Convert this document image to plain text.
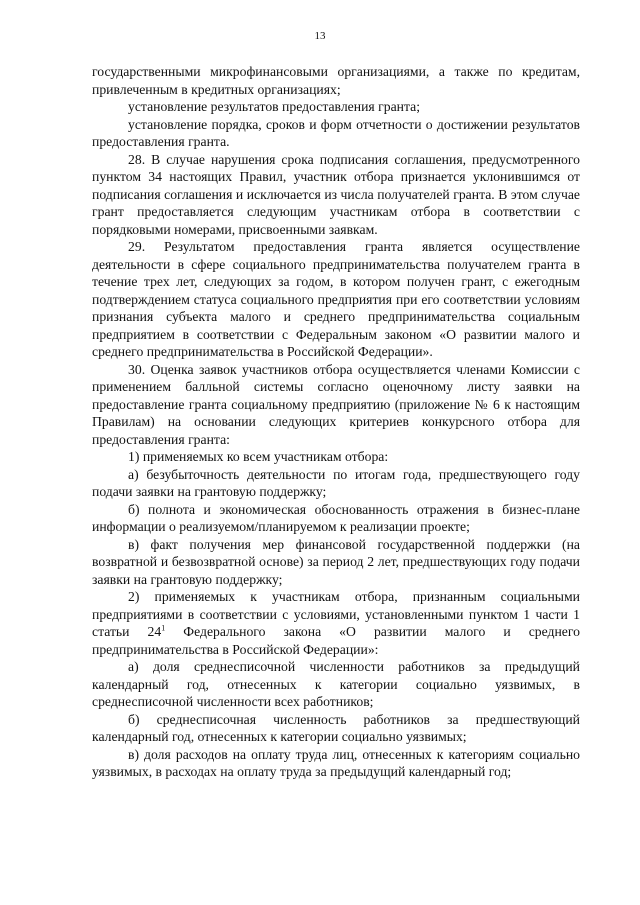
13

государственными микрофинансовыми организациями, а также по кредитам, привлеченным в кредитных организациях;

установление результатов предоставления гранта;

установление порядка, сроков и форм отчетности о достижении результатов предоставления гранта.

28. В случае нарушения срока подписания соглашения, предусмотренного пунктом 34 настоящих Правил, участник отбора признается уклонившимся от подписания соглашения и исключается из числа получателей гранта. В этом случае грант предоставляется следующим участникам отбора в соответствии с порядковыми номерами, присвоенными заявкам.

29. Результатом предоставления гранта является осуществление деятельности в сфере социального предпринимательства получателем гранта в течение трех лет, следующих за годом, в котором получен грант, с ежегодным подтверждением статуса социального предприятия при его соответствии условиям признания субъекта малого и среднего предпринимательства социальным предприятием в соответствии с Федеральным законом «О развитии малого и среднего предпринимательства в Российской Федерации».

30. Оценка заявок участников отбора осуществляется членами Комиссии с применением балльной системы согласно оценочному листу заявки на предоставление гранта социальному предприятию (приложение № 6 к настоящим Правилам) на основании следующих критериев конкурсного отбора для предоставления гранта:

1) применяемых ко всем участникам отбора:

а) безубыточность деятельности по итогам года, предшествующего году подачи заявки на грантовую поддержку;

б) полнота и экономическая обоснованность отражения в бизнес-плане информации о реализуемом/планируемом к реализации проекте;

в) факт получения мер финансовой государственной поддержки (на возвратной и безвозвратной основе) за период 2 лет, предшествующих году подачи заявки на грантовую поддержку;

2) применяемых к участникам отбора, признанным социальными предприятиями в соответствии с условиями, установленными пунктом 1 части 1 статьи $24^1$ Федерального закона «О развитии малого и среднего предпринимательства в Российской Федерации»:

а) доля среднесписочной численности работников за предыдущий календарный год, отнесенных к категории социально уязвимых, в среднесписочной численности всех работников;

б) среднесписочная численность работников за предшествующий календарный год, отнесенных к категории социально уязвимых;

в) доля расходов на оплату труда лиц, отнесенных к категориям социально уязвимых, в расходах на оплату труда за предыдущий календарный год;
